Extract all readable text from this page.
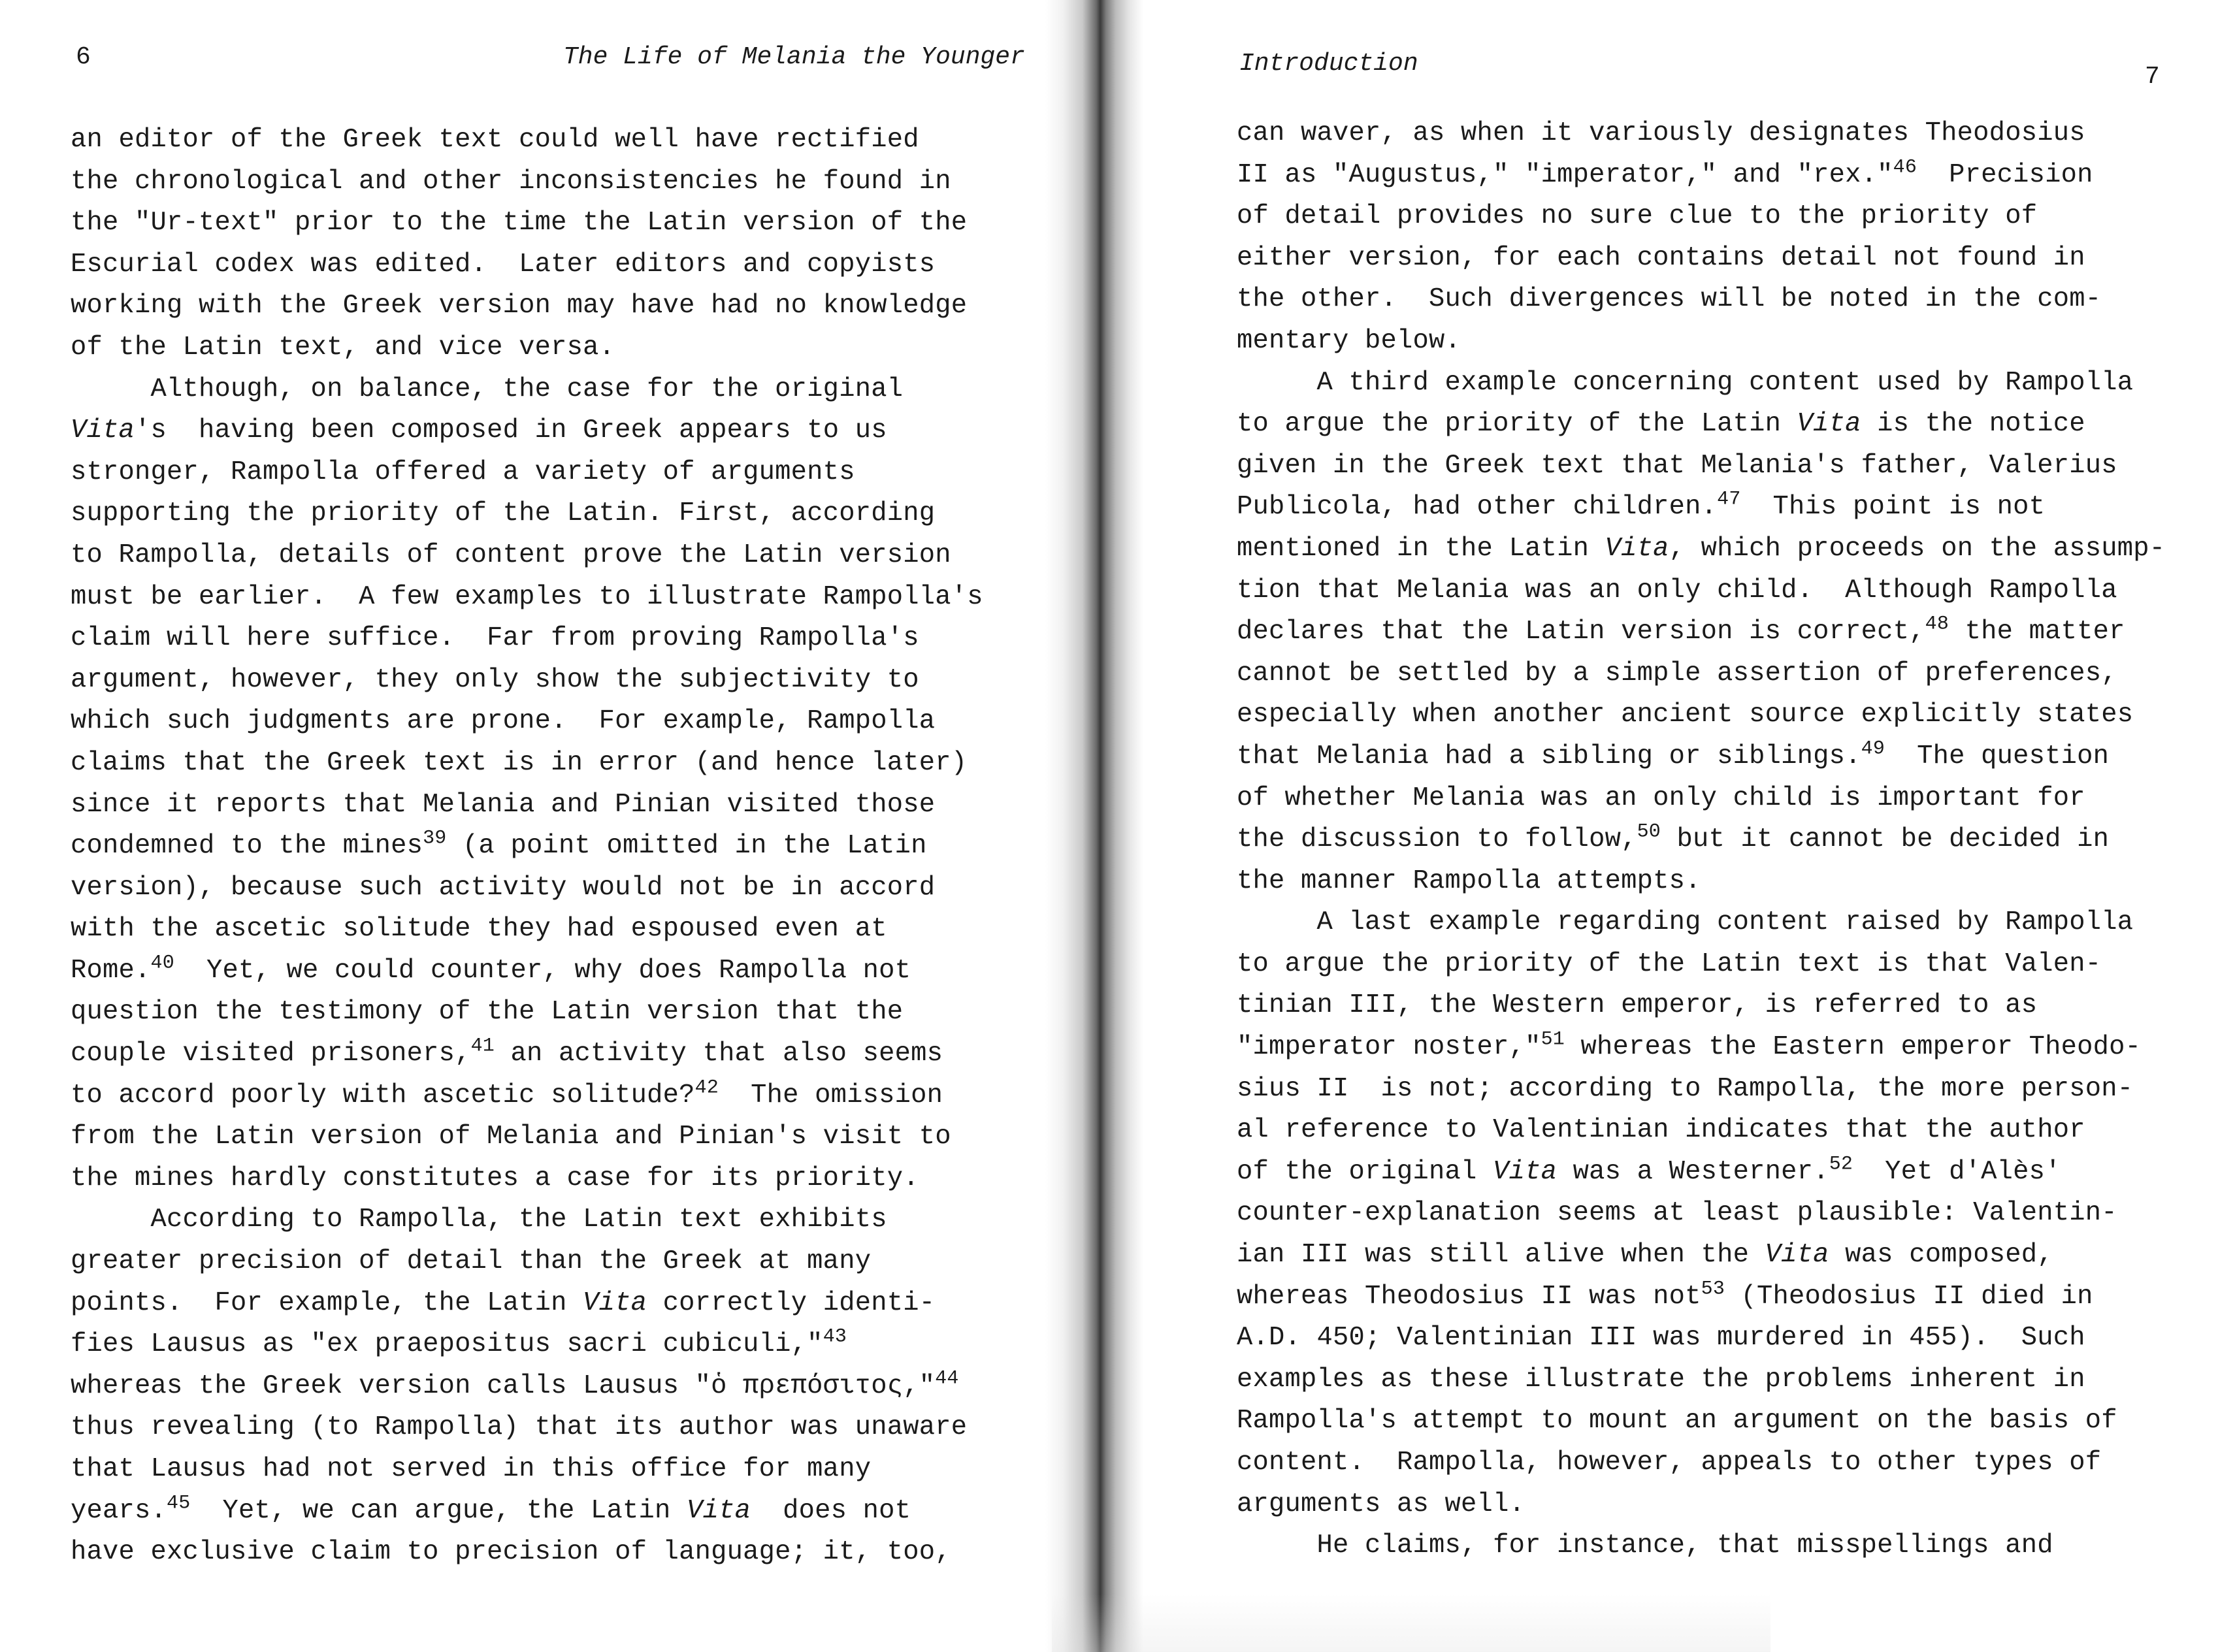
6	The Life of Melania the Younger
an editor of the Greek text could well have rectified
the chronological and other inconsistencies he found in
the "Ur-text" prior to the time the Latin version of the
Escurial codex was edited.  Later editors and copyists
working with the Greek version may have had no knowledge
of the Latin text, and vice versa.
Although, on balance, the case for the original
Vita's  having been composed in Greek appears to us
stronger, Rampolla offered a variety of arguments
supporting the priority of the Latin. First, according
to Rampolla, details of content prove the Latin version
must be earlier.  A few examples to illustrate Rampolla's
claim will here suffice.  Far from proving Rampolla's
argument, however, they only show the subjectivity to
which such judgments are prone.  For example, Rampolla
claims that the Greek text is in error (and hence later)
since it reports that Melania and Pinian visited those
condemned to the mines$^{39}$ (a point omitted in the Latin
version), because such activity would not be in accord
with the ascetic solitude they had espoused even at
Rome.$^{40}$  Yet, we could counter, why does Rampolla not
question the testimony of the Latin version that the
couple visited prisoners,$^{41}$ an activity that also seems
to accord poorly with ascetic solitude?$^{42}$  The omission
from the Latin version of Melania and Pinian's visit to
the mines hardly constitutes a case for its priority.
According to Rampolla, the Latin text exhibits
greater precision of detail than the Greek at many
points.  For example, the Latin Vita correctly identi-
fies Lausus as "ex praepositus sacri cubiculi,"$^{43}$
whereas the Greek version calls Lausus "ὁ πρεπόσιτος,"$^{44}$
thus revealing (to Rampolla) that its author was unaware
that Lausus had not served in this office for many
years.$^{45}$  Yet, we can argue, the Latin Vita  does not
have exclusive claim to precision of language; it, too,
Introduction	7
can waver, as when it variously designates Theodosius
II as "Augustus," "imperator," and "rex."$^{46}$  Precision
of detail provides no sure clue to the priority of
either version, for each contains detail not found in
the other.  Such divergences will be noted in the com-
mentary below.
A third example concerning content used by Rampolla
to argue the priority of the Latin Vita is the notice
given in the Greek text that Melania's father, Valerius
Publicola, had other children.$^{47}$  This point is not
mentioned in the Latin Vita, which proceeds on the assump-
tion that Melania was an only child.  Although Rampolla
declares that the Latin version is correct,$^{48}$ the matter
cannot be settled by a simple assertion of preferences,
especially when another ancient source explicitly states
that Melania had a sibling or siblings.$^{49}$  The question
of whether Melania was an only child is important for
the discussion to follow,$^{50}$ but it cannot be decided in
the manner Rampolla attempts.
A last example regarding content raised by Rampolla
to argue the priority of the Latin text is that Valen-
tinian III, the Western emperor, is referred to as
"imperator noster,"$^{51}$ whereas the Eastern emperor Theodo-
sius II  is not; according to Rampolla, the more person-
al reference to Valentinian indicates that the author
of the original Vita was a Westerner.$^{52}$  Yet d'Alès'
counter-explanation seems at least plausible: Valentin-
ian III was still alive when the Vita was composed,
whereas Theodosius II was not$^{53}$ (Theodosius II died in
A.D. 450; Valentinian III was murdered in 455).  Such
examples as these illustrate the problems inherent in
Rampolla's attempt to mount an argument on the basis of
content.  Rampolla, however, appeals to other types of
arguments as well.
He claims, for instance, that misspellings and
